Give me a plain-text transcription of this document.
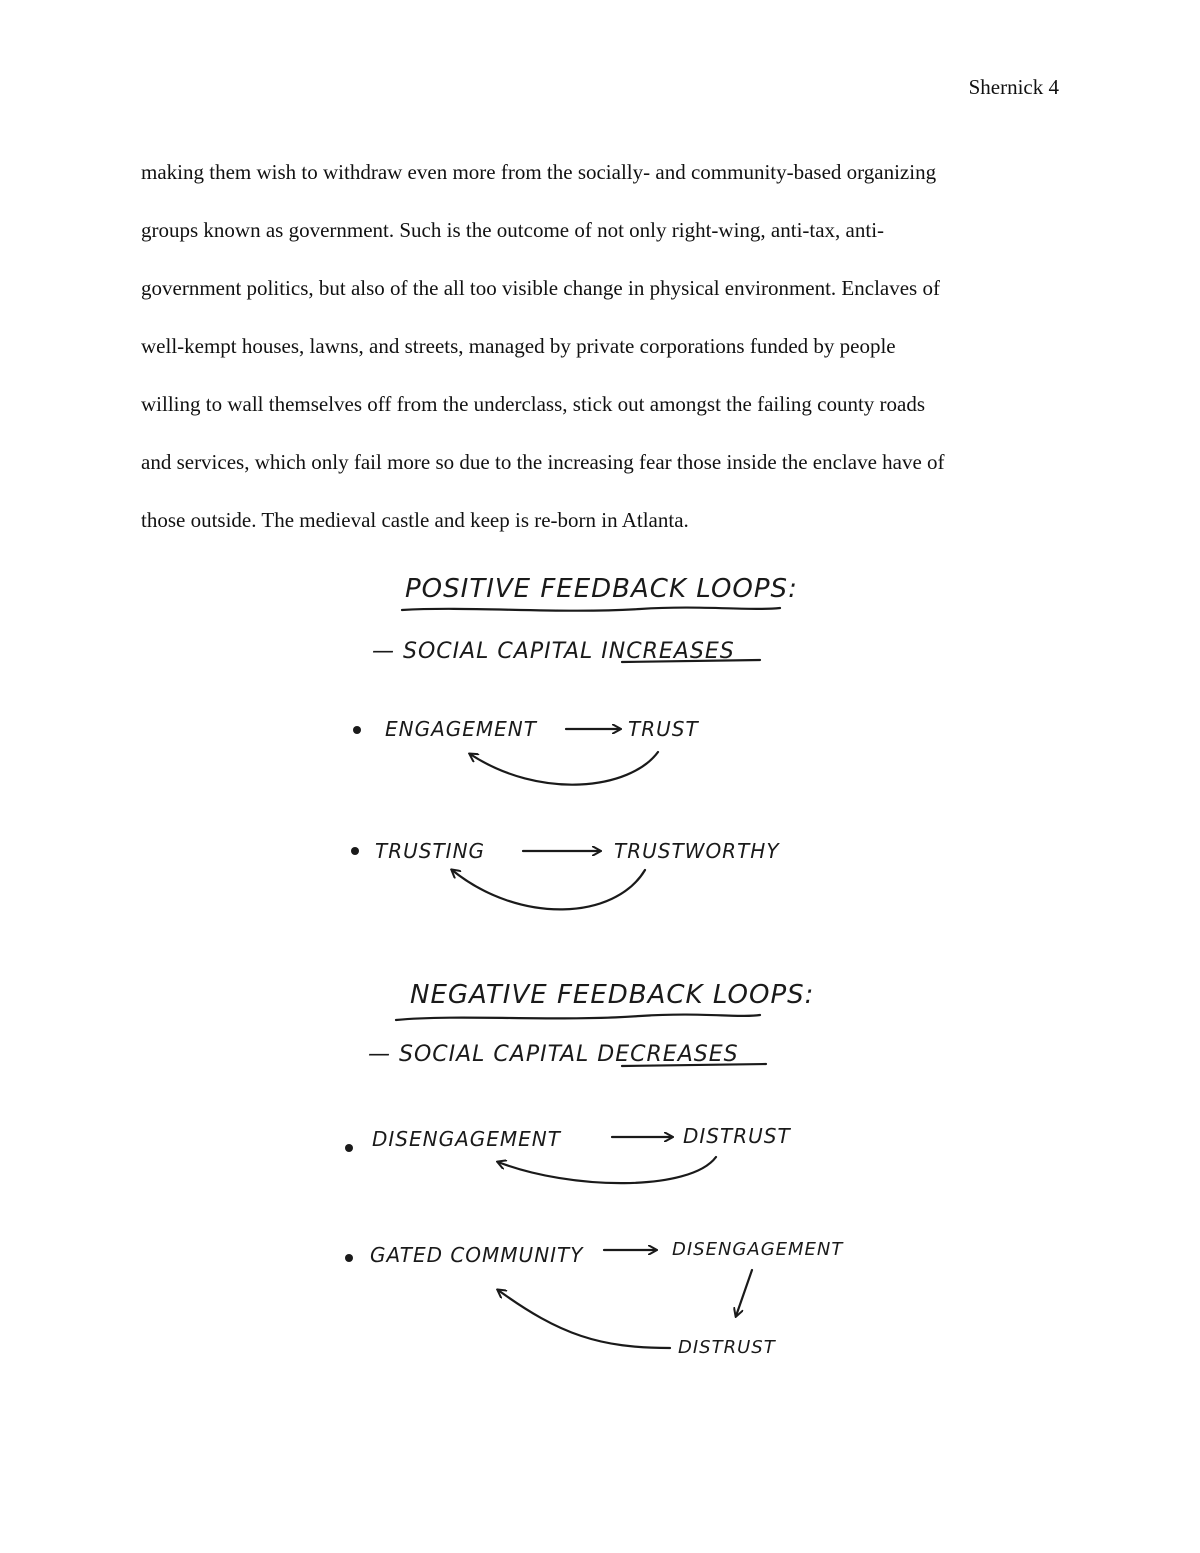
Shernick 4

making them wish to withdraw even more from the socially- and community-based organizing
groups known as government. Such is the outcome of not only right-wing, anti-tax, anti-
government politics, but also of the all too visible change in physical environment. Enclaves of
well-kempt houses, lawns, and streets, managed by private corporations funded by people
willing to wall themselves off from the underclass, stick out amongst the failing county roads
and services, which only fail more so due to the increasing fear those inside the enclave have of
those outside. The medieval castle and keep is re-born in Atlanta.

POSITIVE FEEDBACK LOOPS:
— SOCIAL CAPITAL INCREASES
ENGAGEMENT	TRUST
TRUSTING	TRUSTWORTHY
NEGATIVE FEEDBACK LOOPS:
— SOCIAL CAPITAL DECREASES
DISENGAGEMENT	DISTRUST
GATED COMMUNITY	DISENGAGEMENT
DISTRUST
